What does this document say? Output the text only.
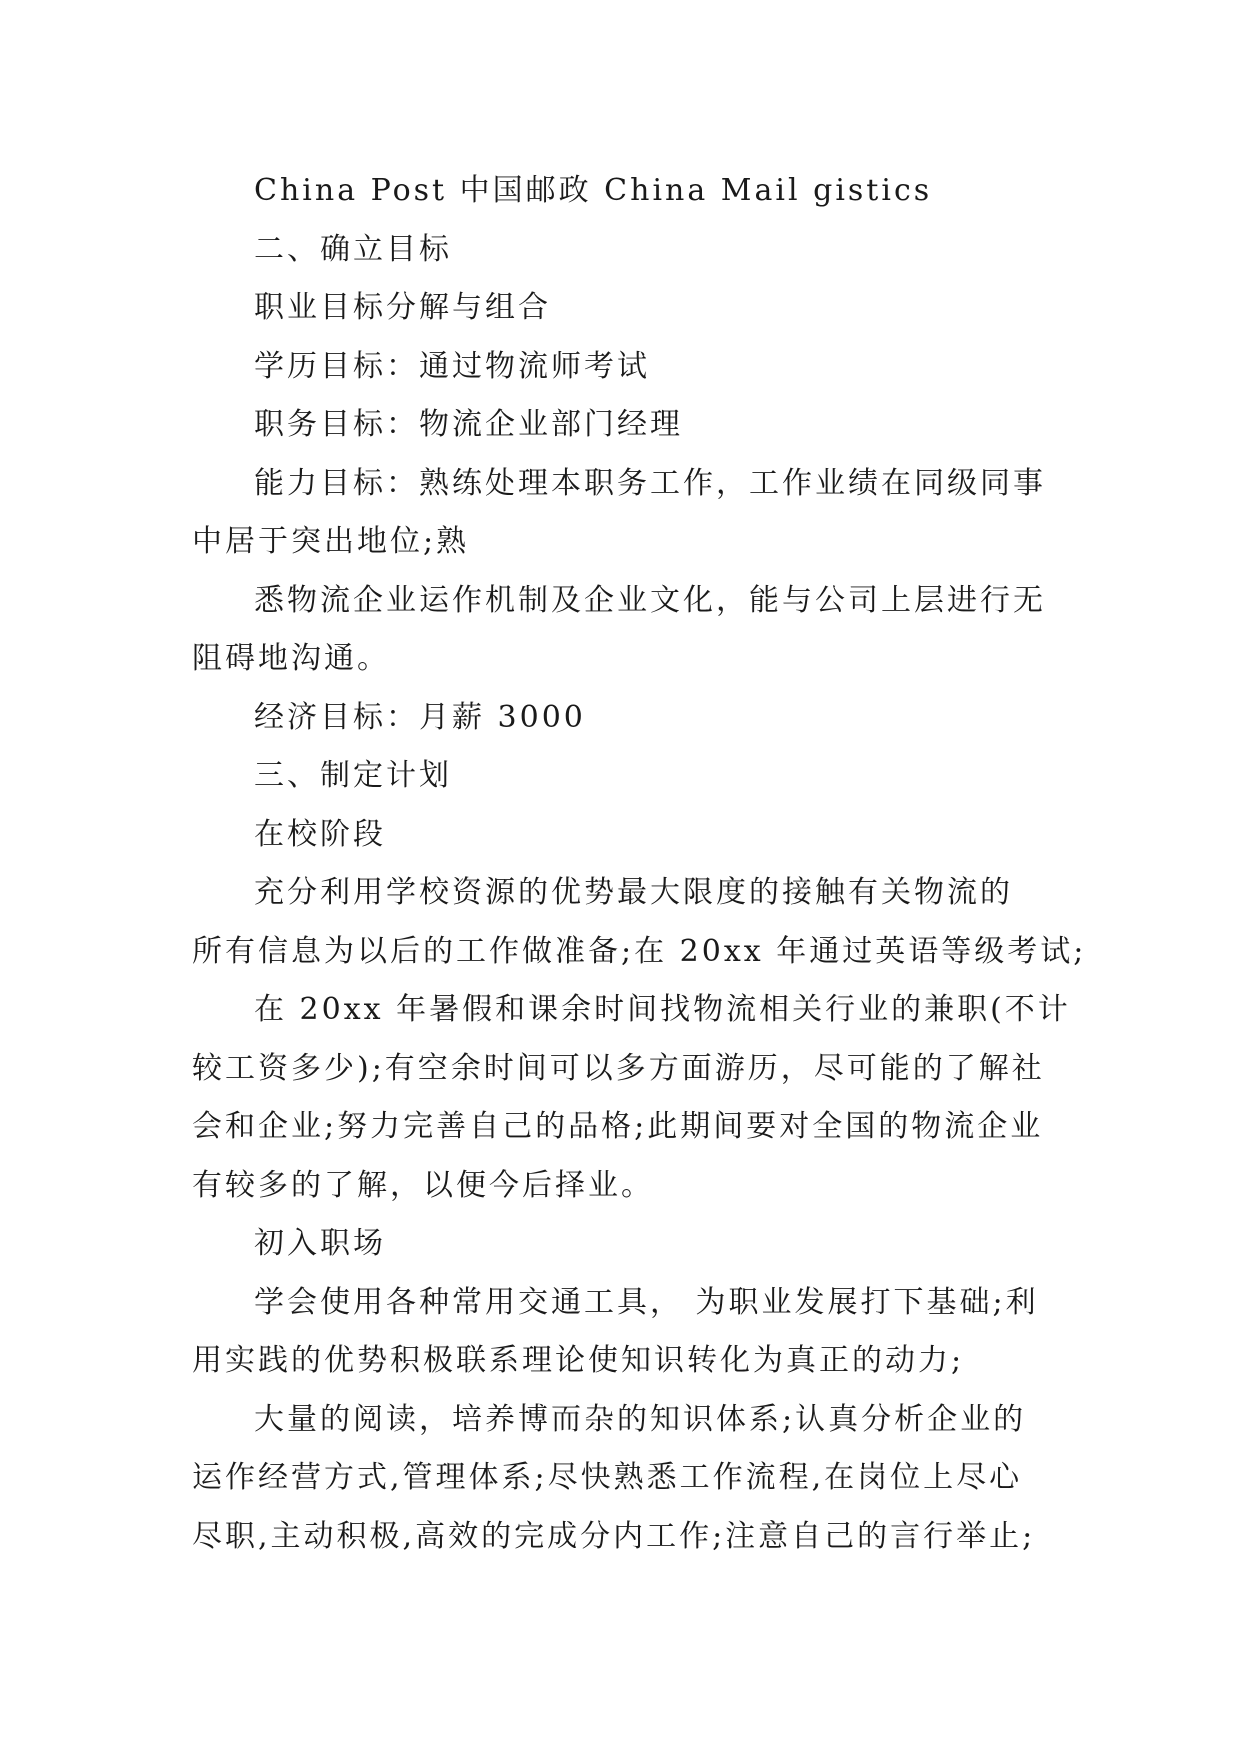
China Post 中国邮政 China Mail gistics
二、确立目标
职业目标分解与组合
学历目标：通过物流师考试
职务目标：物流企业部门经理
能力目标：熟练处理本职务工作，工作业绩在同级同事
中居于突出地位;熟
悉物流企业运作机制及企业文化，能与公司上层进行无
阻碍地沟通。
经济目标：月薪 3000
三、制定计划
在校阶段
充分利用学校资源的优势最大限度的接触有关物流的
所有信息为以后的工作做准备;在 20xx 年通过英语等级考试;
在 20xx 年暑假和课余时间找物流相关行业的兼职(不计
较工资多少);有空余时间可以多方面游历，尽可能的了解社
会和企业;努力完善自己的品格;此期间要对全国的物流企业
有较多的了解，以便今后择业。
初入职场
学会使用各种常用交通工具， 为职业发展打下基础;利
用实践的优势积极联系理论使知识转化为真正的动力;
大量的阅读，培养博而杂的知识体系;认真分析企业的
运作经营方式,管理体系;尽快熟悉工作流程,在岗位上尽心
尽职,主动积极,高效的完成分内工作;注意自己的言行举止;
